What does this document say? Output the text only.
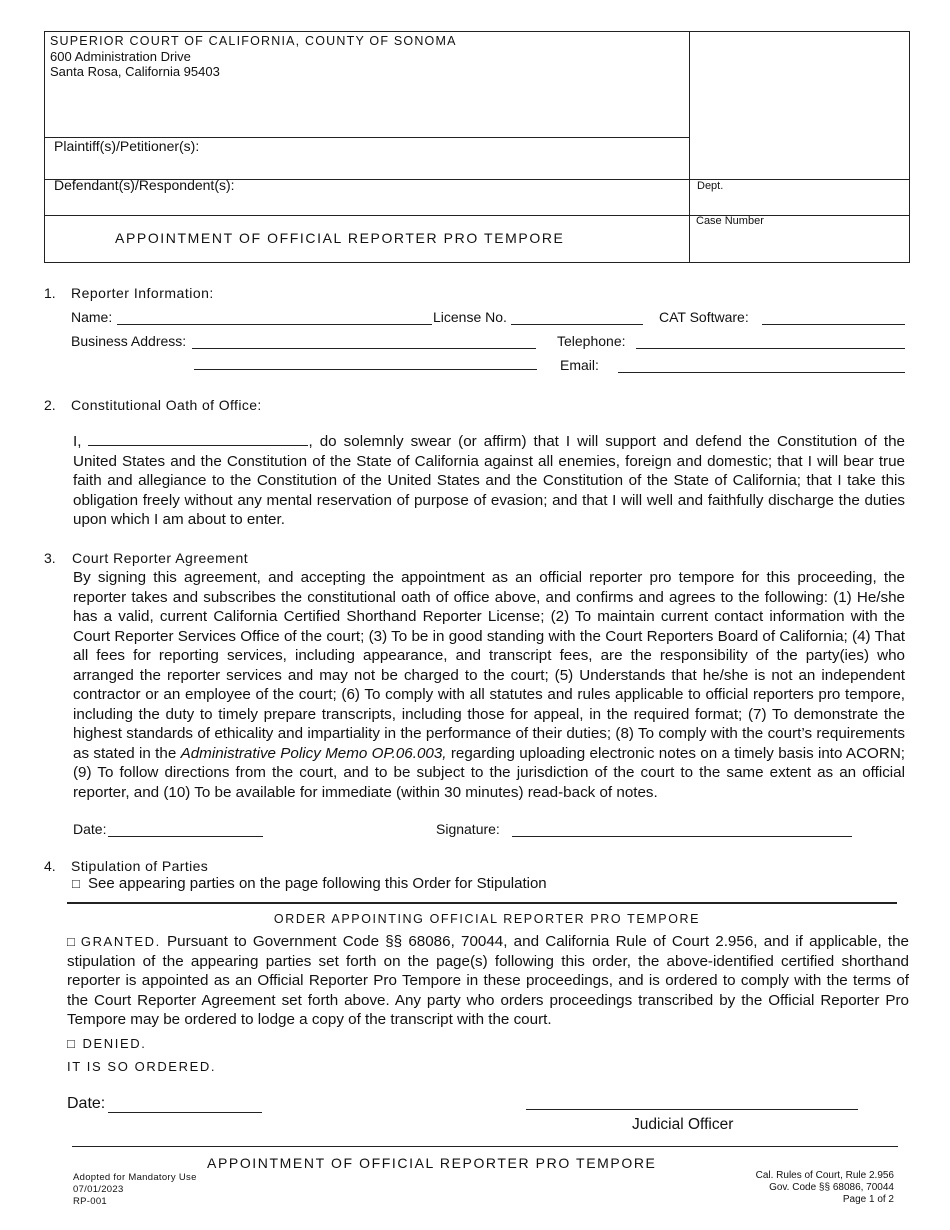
SUPERIOR COURT OF CALIFORNIA, COUNTY OF SONOMA
600 Administration Drive
Santa Rosa, California 95403
Plaintiff(s)/Petitioner(s):
Defendant(s)/Respondent(s):	Dept.
Case Number
APPOINTMENT OF OFFICIAL REPORTER PRO TEMPORE
1. Reporter Information:
Name:	License No.	CAT Software:
Business Address:	Telephone:
Email:
2. Constitutional Oath of Office:
I,	, do solemnly swear (or affirm) that I will support and defend the Constitution of the United States and the Constitution of the State of California against all enemies, foreign and domestic; that I will bear true faith and allegiance to the Constitution of the United States and the Constitution of the State of California; that I take this obligation freely without any mental reservation of purpose of evasion; and that I will well and faithfully discharge the duties upon which I am about to enter.
3. Court Reporter Agreement
By signing this agreement, and accepting the appointment as an official reporter pro tempore for this proceeding, the reporter takes and subscribes the constitutional oath of office above, and confirms and agrees to the following: (1) He/she has a valid, current California Certified Shorthand Reporter License; (2) To maintain current contact information with the Court Reporter Services Office of the court; (3) To be in good standing with the Court Reporters Board of California; (4) That all fees for reporting services, including appearance, and transcript fees, are the responsibility of the party(ies) who arranged the reporter services and may not be charged to the court; (5) Understands that he/she is not an independent contractor or an employee of the court; (6) To comply with all statutes and rules applicable to official reporters pro tempore, including the duty to timely prepare transcripts, including those for appeal, in the required format; (7) To demonstrate the highest standards of ethicality and impartiality in the performance of their duties; (8) To comply with the court’s requirements as stated in the Administrative Policy Memo OP.06.003, regarding uploading electronic notes on a timely basis into ACORN; (9) To follow directions from the court, and to be subject to the jurisdiction of the court to the same extent as an official reporter, and (10) To be available for immediate (within 30 minutes) read-back of notes.
Date:	Signature:
4. Stipulation of Parties
□ See appearing parties on the page following this Order for Stipulation
ORDER APPOINTING OFFICIAL REPORTER PRO TEMPORE
□ GRANTED. Pursuant to Government Code §§ 68086, 70044, and California Rule of Court 2.956, and if applicable, the stipulation of the appearing parties set forth on the page(s) following this order, the above-identified certified shorthand reporter is appointed as an Official Reporter Pro Tempore in these proceedings, and is ordered to comply with the terms of the Court Reporter Agreement set forth above. Any party who orders proceedings transcribed by the Official Reporter Pro Tempore may be ordered to lodge a copy of the transcript with the court.
□ DENIED.
IT IS SO ORDERED.
Date:
Judicial Officer
APPOINTMENT OF OFFICIAL REPORTER PRO TEMPORE
Adopted for Mandatory Use
07/01/2023
RP-001
Cal. Rules of Court, Rule 2.956
Gov. Code §§ 68086, 70044
Page 1 of 2
